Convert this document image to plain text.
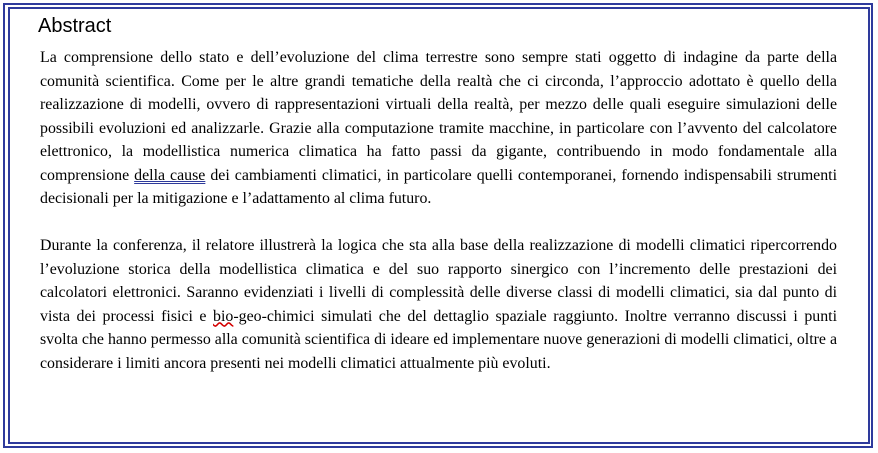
Abstract

La comprensione dello stato e dell’evoluzione del clima terrestre sono sempre stati oggetto di indagine da parte della comunità scientifica. Come per le altre grandi tematiche della realtà che ci circonda, l’approccio adottato è quello della realizzazione di modelli, ovvero di rappresentazioni virtuali della realtà, per mezzo delle quali eseguire simulazioni delle possibili evoluzioni ed analizzarle. Grazie alla computazione tramite macchine, in particolare con l’avvento del calcolatore elettronico, la modellistica numerica climatica ha fatto passi da gigante, contribuendo in modo fondamentale alla comprensione della cause dei cambiamenti climatici, in particolare quelli contemporanei, fornendo indispensabili strumenti decisionali per la mitigazione e l’adattamento al clima futuro.

Durante la conferenza, il relatore illustrerà la logica che sta alla base della realizzazione di modelli climatici ripercorrendo l’evoluzione storica della modellistica climatica e del suo rapporto sinergico con l’incremento delle prestazioni dei calcolatori elettronici. Saranno evidenziati i livelli di complessità delle diverse classi di modelli climatici, sia dal punto di vista dei processi fisici e bio-geo-chimici simulati che del dettaglio spaziale raggiunto. Inoltre verranno discussi i punti svolta che hanno permesso alla comunità scientifica di ideare ed implementare nuove generazioni di modelli climatici, oltre a considerare i limiti ancora presenti nei modelli climatici attualmente più evoluti.
